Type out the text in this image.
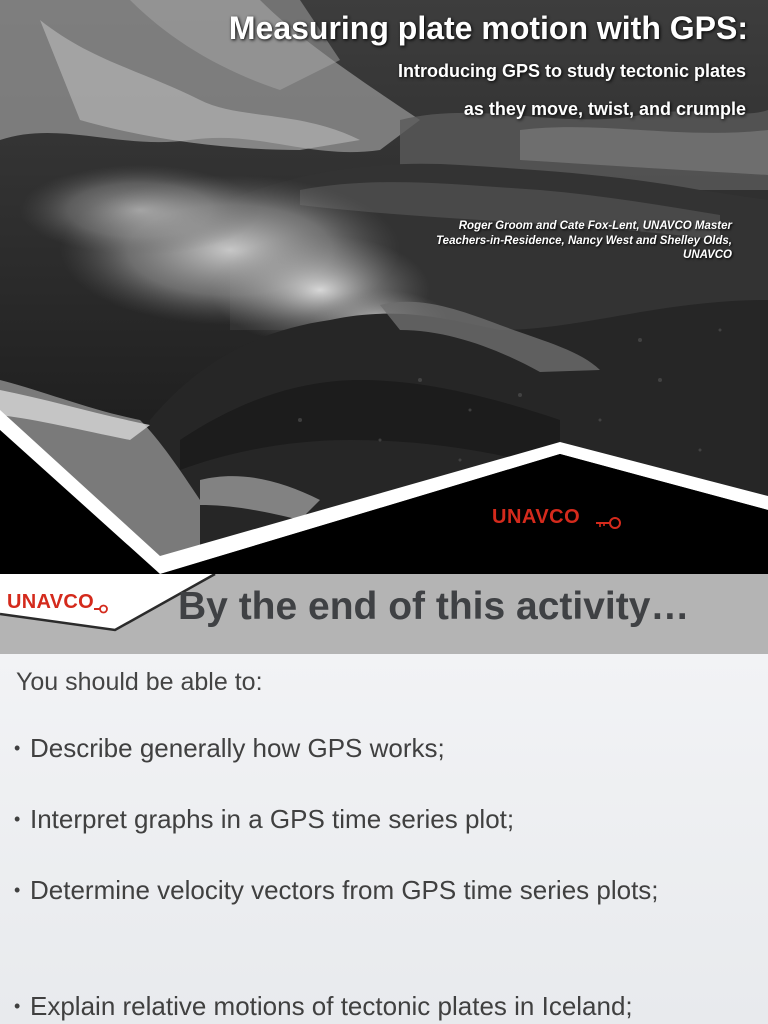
Measuring plate motion with GPS:
Introducing GPS to study tectonic plates
as they move, twist, and crumple
Roger Groom and Cate Fox-Lent, UNAVCO Master
Teachers-in-Residence, Nancy West and Shelley Olds,
UNAVCO
UNAVCO
UNAVCO By the end of this activity…
You should be able to:
• Describe generally how GPS works;
• Interpret graphs in a GPS time series plot;
• Determine velocity vectors from GPS time series plots;
• Explain relative motions of tectonic plates in Iceland;
